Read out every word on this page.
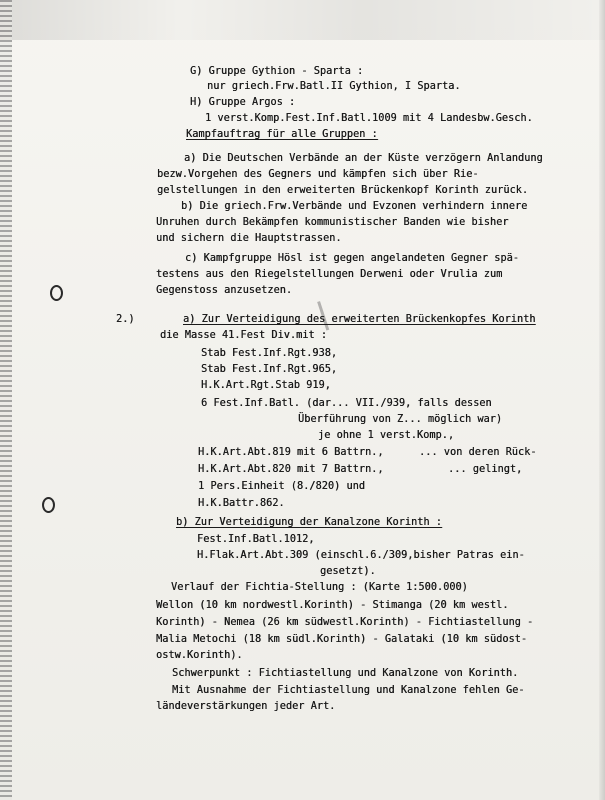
G) Gruppe Gythion - Sparta :
nur griech.Frw.Batl.II Gythion, I Sparta.
H) Gruppe Argos :
1 verst.Komp.Fest.Inf.Batl.1009 mit 4 Landesbw.Gesch.
Kampfauftrag für alle Gruppen :
a) Die Deutschen Verbände an der Küste verzögern Anlandung
bezw.Vorgehen des Gegners und kämpfen sich über Rie-
gelstellungen in den erweiterten Brückenkopf Korinth zurück.
b) Die griech.Frw.Verbände und Evzonen verhindern innere
Unruhen durch Bekämpfen kommunistischer Banden wie bisher
und sichern die Hauptstrassen.
c) Kampfgruppe Hösl ist gegen angelandeten Gegner spä-
testens aus den Riegelstellungen Derweni oder Vrulia zum
Gegenstoss anzusetzen.
2.)	a) Zur Verteidigung des erweiterten Brückenkopfes Korinth
die Masse 41.Fest Div.mit :
Stab Fest.Inf.Rgt.938,
Stab Fest.Inf.Rgt.965,
H.K.Art.Rgt.Stab 919,
6 Fest.Inf.Batl. (dar... VII./939, falls dessen
Überführung von Z... möglich war)
je ohne 1 verst.Komp.,
H.K.Art.Abt.819 mit 6 Battrn.,	... von deren Rück-
H.K.Art.Abt.820 mit 7 Battrn.,	... gelingt,
1 Pers.Einheit (8./820) und
H.K.Battr.862.
b) Zur Verteidigung der Kanalzone Korinth :
Fest.Inf.Batl.1012,
H.Flak.Art.Abt.309 (einschl.6./309,bisher Patras ein-
gesetzt).
Verlauf der Fichtia-Stellung : (Karte 1:500.000)
Wellon (10 km nordwestl.Korinth) - Stimanga (20 km westl.
Korinth) - Nemea (26 km südwestl.Korinth) - Fichtiastellung -
Malia Metochi (18 km südl.Korinth) - Galataki (10 km südost-
ostw.Korinth).
Schwerpunkt : Fichtiastellung und Kanalzone von Korinth.
Mit Ausnahme der Fichtiastellung und Kanalzone fehlen Ge-
ländeverstärkungen jeder Art.
